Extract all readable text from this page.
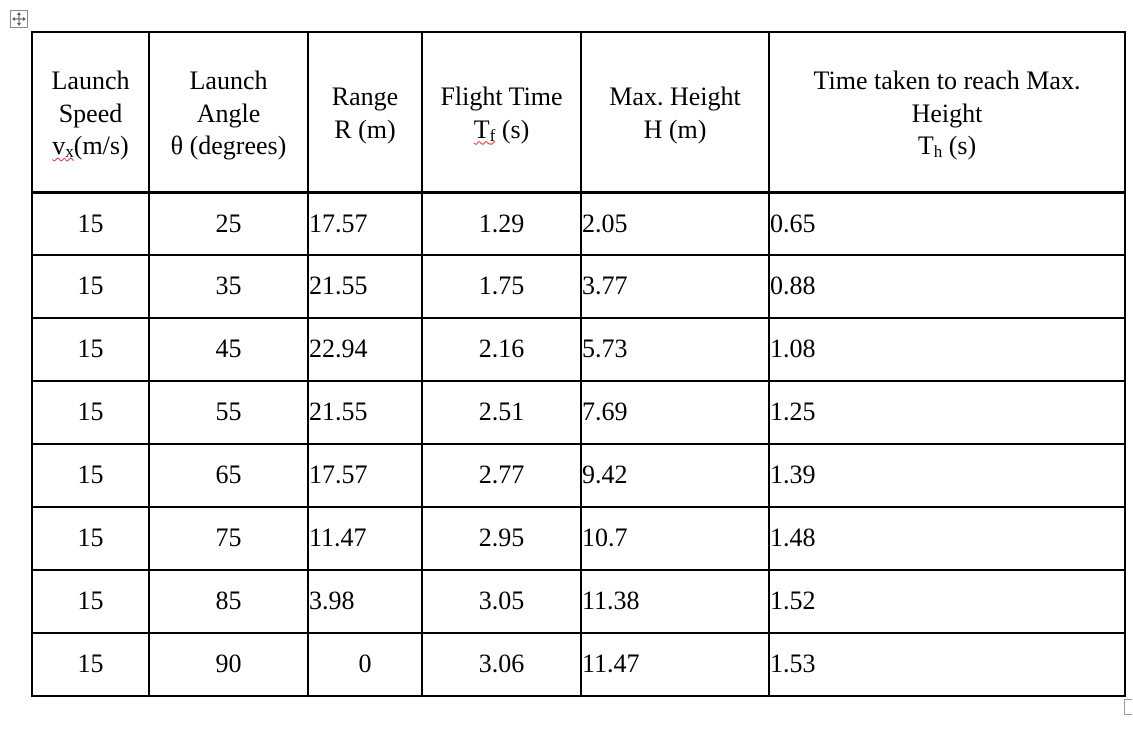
Launch
Speed
vx(m/s)	Launch
Angle
θ (degrees)	Range
R (m)	Flight Time
Tf (s)	Max. Height
H (m)	Time taken to reach Max.
Height
Th (s)

15	25	17.57	1.29	2.05	0.65
15	35	21.55	1.75	3.77	0.88
15	45	22.94	2.16	5.73	1.08
15	55	21.55	2.51	7.69	1.25
15	65	17.57	2.77	9.42	1.39
15	75	11.47	2.95	10.7	1.48
15	85	3.98	3.05	11.38	1.52
15	90	0	3.06	11.47	1.53
